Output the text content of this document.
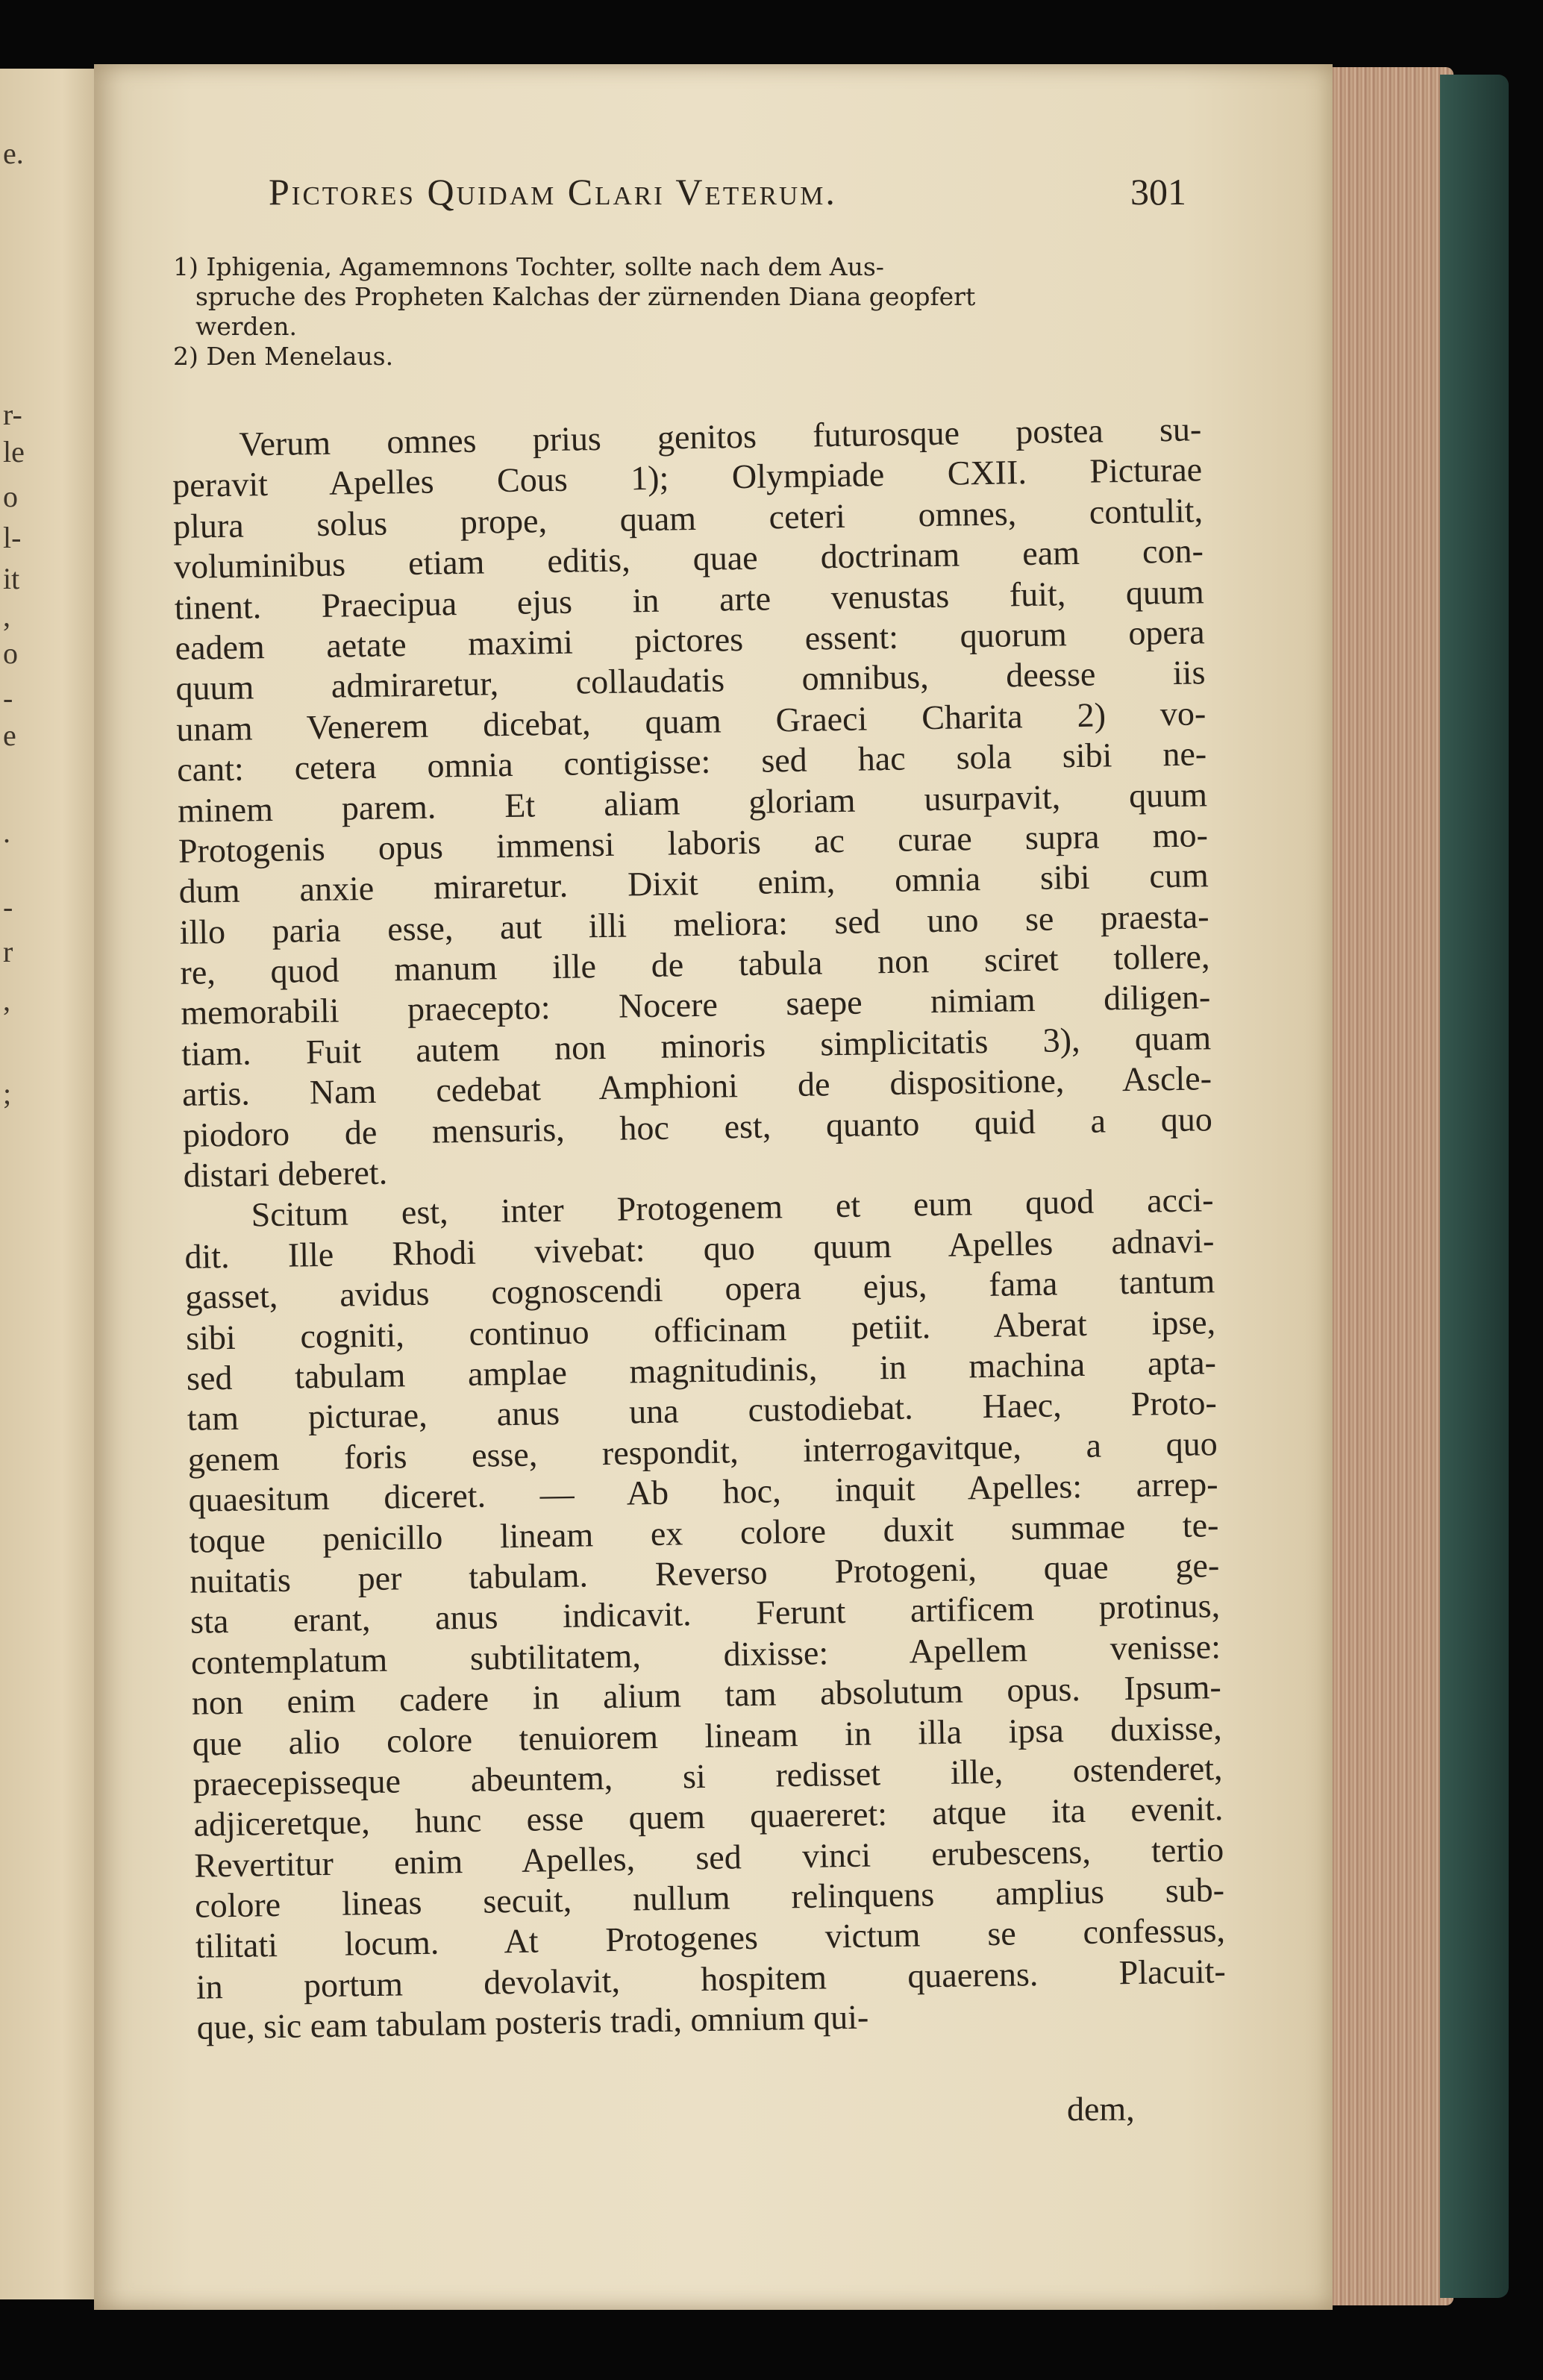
e.
r-
le
o
l-
it
,
o
-
e
.
-
r
,
;
Pictores Quidam Clari Veterum.	301

1) Iphigenia, Agamemnons Tochter, sollte nach dem Aus-

spruche des Propheten Kalchas der zürnenden Diana geopfert

werden.

2) Den Menelaus.

Verum omnes prius genitos futurosque postea su-
peravit Apelles Cous 1); Olympiade CXII. Picturae
plura solus prope, quam ceteri omnes, contulit,
voluminibus etiam editis, quae doctrinam eam con-
tinent. Praecipua ejus in arte venustas fuit, quum
eadem aetate maximi pictores essent: quorum opera
quum admiraretur, collaudatis omnibus, deesse iis
unam Venerem dicebat, quam Graeci Charita 2) vo-
cant: cetera omnia contigisse: sed hac sola sibi ne-
minem parem. Et aliam gloriam usurpavit, quum
Protogenis opus immensi laboris ac curae supra mo-
dum anxie miraretur. Dixit enim, omnia sibi cum
illo paria esse, aut illi meliora: sed uno se praesta-
re, quod manum ille de tabula non sciret tollere,
memorabili praecepto: Nocere saepe nimiam diligen-
tiam. Fuit autem non minoris simplicitatis 3), quam
artis. Nam cedebat Amphioni de dispositione, Ascle-
piodoro de mensuris, hoc est, quanto quid a quo
distari deberet.
Scitum est, inter Protogenem et eum quod acci-
dit. Ille Rhodi vivebat: quo quum Apelles adnavi-
gasset, avidus cognoscendi opera ejus, fama tantum
sibi cogniti, continuo officinam petiit. Aberat ipse,
sed tabulam amplae magnitudinis, in machina apta-
tam picturae, anus una custodiebat. Haec, Proto-
genem foris esse, respondit, interrogavitque, a quo
quaesitum diceret. — Ab hoc, inquit Apelles: arrep-
toque penicillo lineam ex colore duxit summae te-
nuitatis per tabulam. Reverso Protogeni, quae ge-
sta erant, anus indicavit. Ferunt artificem protinus,
contemplatum subtilitatem, dixisse: Apellem venisse:
non enim cadere in alium tam absolutum opus. Ipsum-
que alio colore tenuiorem lineam in illa ipsa duxisse,
praecepisseque abeuntem, si redisset ille, ostenderet,
adjiceretque, hunc esse quem quaereret: atque ita evenit.
Revertitur enim Apelles, sed vinci erubescens, tertio
colore lineas secuit, nullum relinquens amplius sub-
tilitati locum. At Protogenes victum se confessus,
in portum devolavit, hospitem quaerens. Placuit-
que, sic eam tabulam posteris tradi, omnium qui-
dem,
